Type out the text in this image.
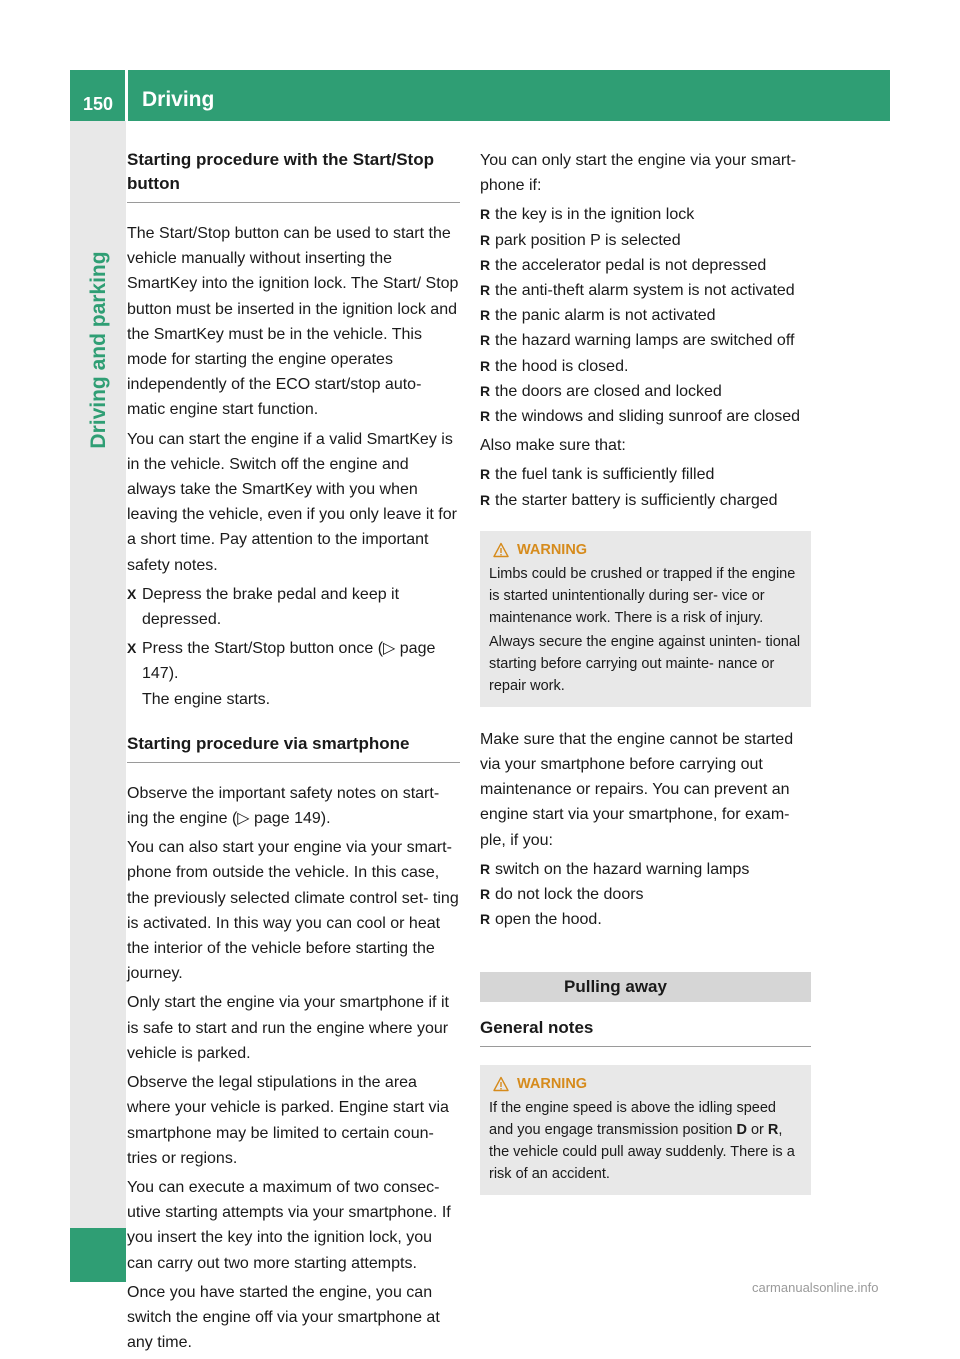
150	Driving
Driving and parking
Starting procedure with the Start/Stop button

The Start/Stop button can be used to start the vehicle manually without inserting the SmartKey into the ignition lock. The Start/ Stop button must be inserted in the ignition lock and the SmartKey must be in the vehicle. This mode for starting the engine operates independently of the ECO start/stop auto- matic engine start function.

You can start the engine if a valid SmartKey is in the vehicle. Switch off the engine and always take the SmartKey with you when leaving the vehicle, even if you only leave it for a short time. Pay attention to the important safety notes.

X Depress the brake pedal and keep it depressed.
X Press the Start/Stop button once (▷ page 147).
The engine starts.
Starting procedure via smartphone

Observe the important safety notes on start- ing the engine (▷ page 149).

You can also start your engine via your smart- phone from outside the vehicle. In this case, the previously selected climate control set- ting is activated. In this way you can cool or heat the interior of the vehicle before starting the journey.

Only start the engine via your smartphone if it is safe to start and run the engine where your vehicle is parked.

Observe the legal stipulations in the area where your vehicle is parked. Engine start via smartphone may be limited to certain coun- tries or regions.

You can execute a maximum of two consec- utive starting attempts via your smartphone. If you insert the key into the ignition lock, you can carry out two more starting attempts.

Once you have started the engine, you can switch the engine off via your smartphone at any time.

You can only start the engine via your smart- phone if:

R the key is in the ignition lock
R park position P is selected
R the accelerator pedal is not depressed
R the anti-theft alarm system is not activated
R the panic alarm is not activated
R the hazard warning lamps are switched off
R the hood is closed.
R the doors are closed and locked
R the windows and sliding sunroof are closed

Also make sure that:

R the fuel tank is sufficiently filled
R the starter battery is sufficiently charged
WARNING

Limbs could be crushed or trapped if the engine is started unintentionally during ser- vice or maintenance work. There is a risk of injury.

Always secure the engine against uninten- tional starting before carrying out mainte- nance or repair work.

Make sure that the engine cannot be started via your smartphone before carrying out maintenance or repairs. You can prevent an engine start via your smartphone, for exam- ple, if you:

R switch on the hazard warning lamps
R do not lock the doors
R open the hood.
Pulling away
General notes
WARNING

If the engine speed is above the idling speed and you engage transmission position D or R, the vehicle could pull away suddenly. There is a risk of an accident.

carmanualsonline.info
